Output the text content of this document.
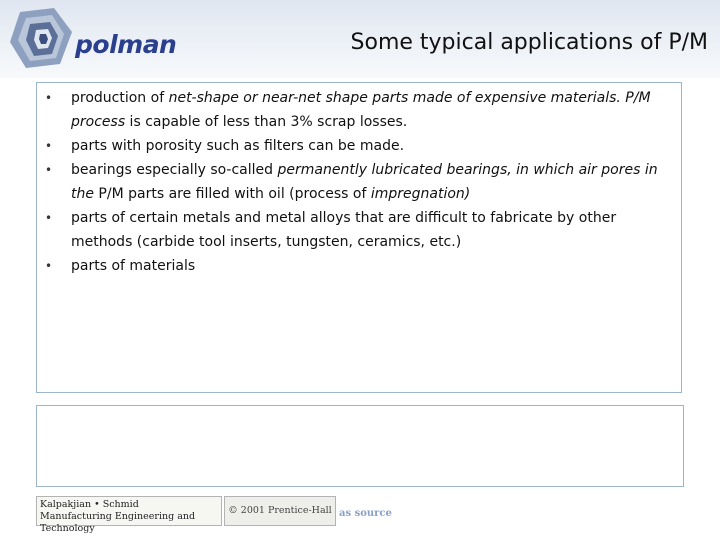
polman	Some typical applications of P/M
• production of net-shape or near-net shape parts made of expensive materials. P/M
process is capable of less than 3% scrap losses.
• parts with porosity such as filters can be made.
• bearings especially so-called permanently lubricated bearings, in which air pores in
the P/M parts are filled with oil (process of impregnation)
• parts of certain metals and metal alloys that are difficult to fabricate by other
methods (carbide tool inserts, tungsten, ceramics, etc.)
• parts of materials
Kalpakjian • Schmid
Manufacturing Engineering and Technology
© 2001 Prentice-Hall as source
